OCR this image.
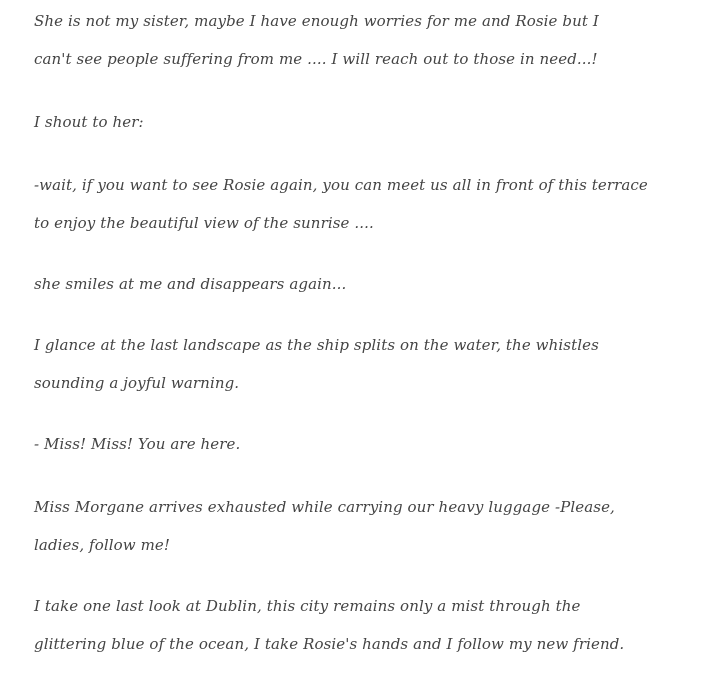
She is not my sister, maybe I have enough worries for me and Rosie but I
can't see people suffering from me .... I will reach out to those in need...!

I shout to her:

-wait, if you want to see Rosie again, you can meet us all in front of this terrace
to enjoy the beautiful view of the sunrise ....

she smiles at me and disappears again...

I glance at the last landscape as the ship splits on the water, the whistles
sounding a joyful warning.

- Miss! Miss! You are here.

Miss Morgane arrives exhausted while carrying our heavy luggage -Please,
ladies, follow me!

I take one last look at Dublin, this city remains only a mist through the
glittering blue of the ocean, I take Rosie's hands and I follow my new friend.
